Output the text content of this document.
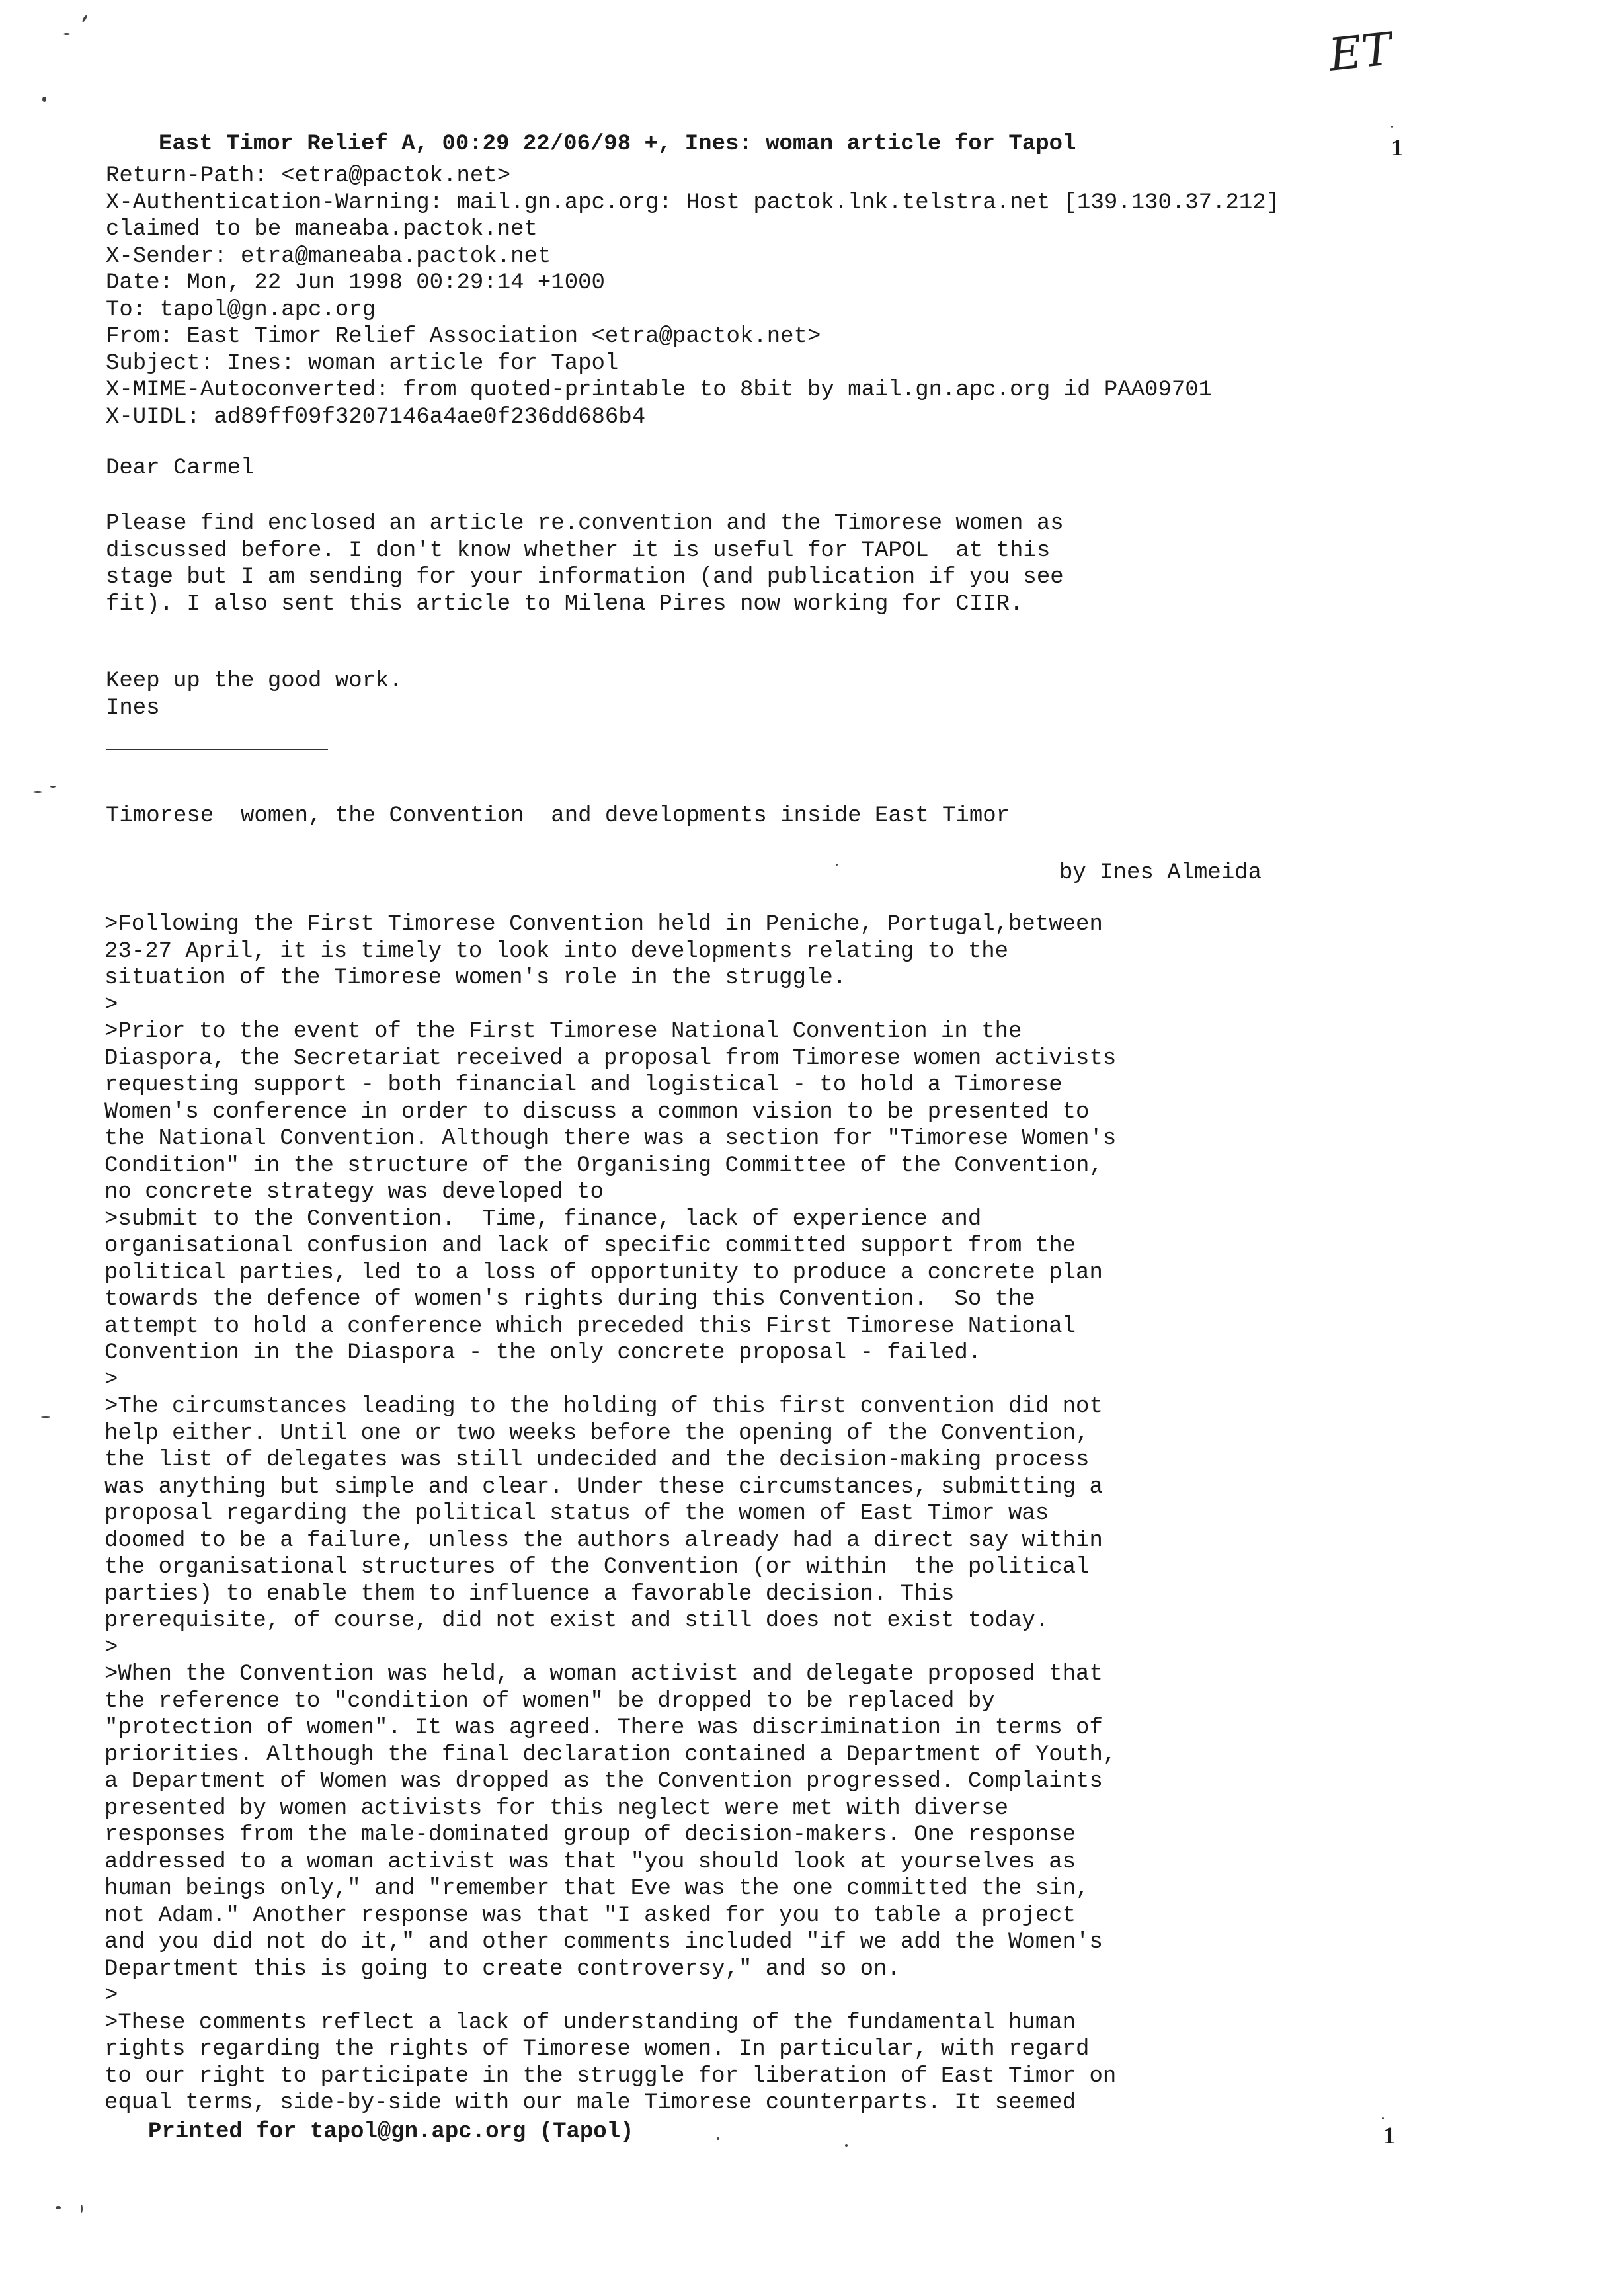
ET

East Timor Relief A, 00:29 22/06/98 +, Ines: woman article for Tapol	1

Return-Path: <etra@pactok.net>
X-Authentication-Warning: mail.gn.apc.org: Host pactok.lnk.telstra.net [139.130.37.212]
claimed to be maneaba.pactok.net
X-Sender: etra@maneaba.pactok.net
Date: Mon, 22 Jun 1998 00:29:14 +1000
To: tapol@gn.apc.org
From: East Timor Relief Association <etra@pactok.net>
Subject: Ines: woman article for Tapol
X-MIME-Autoconverted: from quoted-printable to 8bit by mail.gn.apc.org id PAA09701
X-UIDL: ad89ff09f3207146a4ae0f236dd686b4

Dear Carmel

Please find enclosed an article re.convention and the Timorese women as
discussed before. I don't know whether it is useful for TAPOL  at this
stage but I am sending for your information (and publication if you see
fit). I also sent this article to Milena Pires now working for CIIR.

Keep up the good work.
Ines

Timorese  women, the Convention  and developments inside East Timor

by Ines Almeida

>Following the First Timorese Convention held in Peniche, Portugal,between
23-27 April, it is timely to look into developments relating to the
situation of the Timorese women's role in the struggle.
>
>Prior to the event of the First Timorese National Convention in the
Diaspora, the Secretariat received a proposal from Timorese women activists
requesting support - both financial and logistical - to hold a Timorese
Women's conference in order to discuss a common vision to be presented to
the National Convention. Although there was a section for "Timorese Women's
Condition" in the structure of the Organising Committee of the Convention,
no concrete strategy was developed to
>submit to the Convention.  Time, finance, lack of experience and
organisational confusion and lack of specific committed support from the
political parties, led to a loss of opportunity to produce a concrete plan
towards the defence of women's rights during this Convention.  So the
attempt to hold a conference which preceded this First Timorese National
Convention in the Diaspora - the only concrete proposal - failed.
>
>The circumstances leading to the holding of this first convention did not
help either. Until one or two weeks before the opening of the Convention,
the list of delegates was still undecided and the decision-making process
was anything but simple and clear. Under these circumstances, submitting a
proposal regarding the political status of the women of East Timor was
doomed to be a failure, unless the authors already had a direct say within
the organisational structures of the Convention (or within  the political
parties) to enable them to influence a favorable decision. This
prerequisite, of course, did not exist and still does not exist today.
>
>When the Convention was held, a woman activist and delegate proposed that
the reference to "condition of women" be dropped to be replaced by
"protection of women". It was agreed. There was discrimination in terms of
priorities. Although the final declaration contained a Department of Youth,
a Department of Women was dropped as the Convention progressed. Complaints
presented by women activists for this neglect were met with diverse
responses from the male-dominated group of decision-makers. One response
addressed to a woman activist was that "you should look at yourselves as
human beings only," and "remember that Eve was the one committed the sin,
not Adam." Another response was that "I asked for you to table a project
and you did not do it," and other comments included "if we add the Women's
Department this is going to create controversy," and so on.
>
>These comments reflect a lack of understanding of the fundamental human
rights regarding the rights of Timorese women. In particular, with regard
to our right to participate in the struggle for liberation of East Timor on
equal terms, side-by-side with our male Timorese counterparts. It seemed

Printed for tapol@gn.apc.org (Tapol)	1
